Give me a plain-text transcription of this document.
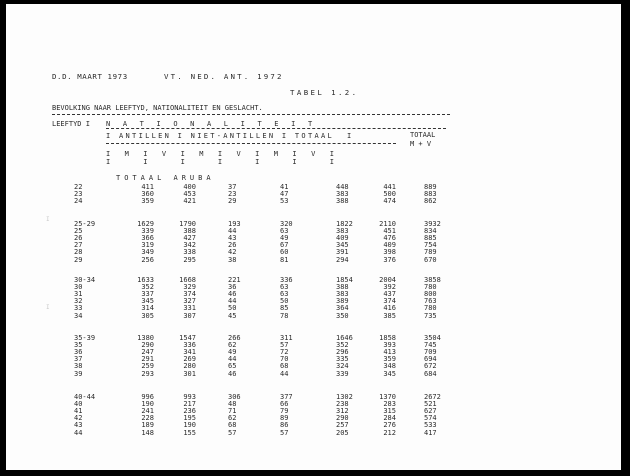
D.D. MAART 1973	VT. NED. ANT. 1972
TABEL 1.2.
BEVOLKING NAAR LEEFTYD, NATIONALITEIT EN GESLACHT.
LEEFTYD I N A T I O N A L I T E I T
I ANTILLEN I NIET-ANTILLEN I TOTAAL  I	TOTAAL
M + V
I  M  I  V  I  M  I  V  I  M  I  V  I
I     I     I     I     I     I     I
TOTAAL ARUBA
I
I
22
23
24
411
360
359
400
453
421
37
23
29
41
47
53
448
383
388
441
500
474
889
883
862
25-29
25
26
27
28
29
1629
339
366
319
349
256
1790
388
427
342
338
295
193
44
43
26
42
38
320
63
49
67
60
81
1822
383
409
345
391
294
2110
451
476
409
398
376
3932
834
885
754
789
670
30-34
30
31
32
33
34
1633
352
337
345
314
305
1668
329
374
327
331
307
221
36
46
44
50
45
336
63
63
50
85
78
1854
388
383
389
364
350
2004
392
437
374
416
385
3858
780
800
763
780
735
35-39
35
36
37
38
39
1380
290
247
291
259
293
1547
336
341
269
280
301
266
62
49
44
65
46
311
57
72
70
68
44
1646
352
296
335
324
339
1858
393
413
359
348
345
3504
745
709
694
672
684
40-44
40
41
42
43
44
996
190
241
228
189
148
993
217
236
195
190
155
306
48
71
62
68
57
377
66
79
89
86
57
1302
238
312
290
257
205
1370
283
315
284
276
212
2672
521
627
574
533
417
